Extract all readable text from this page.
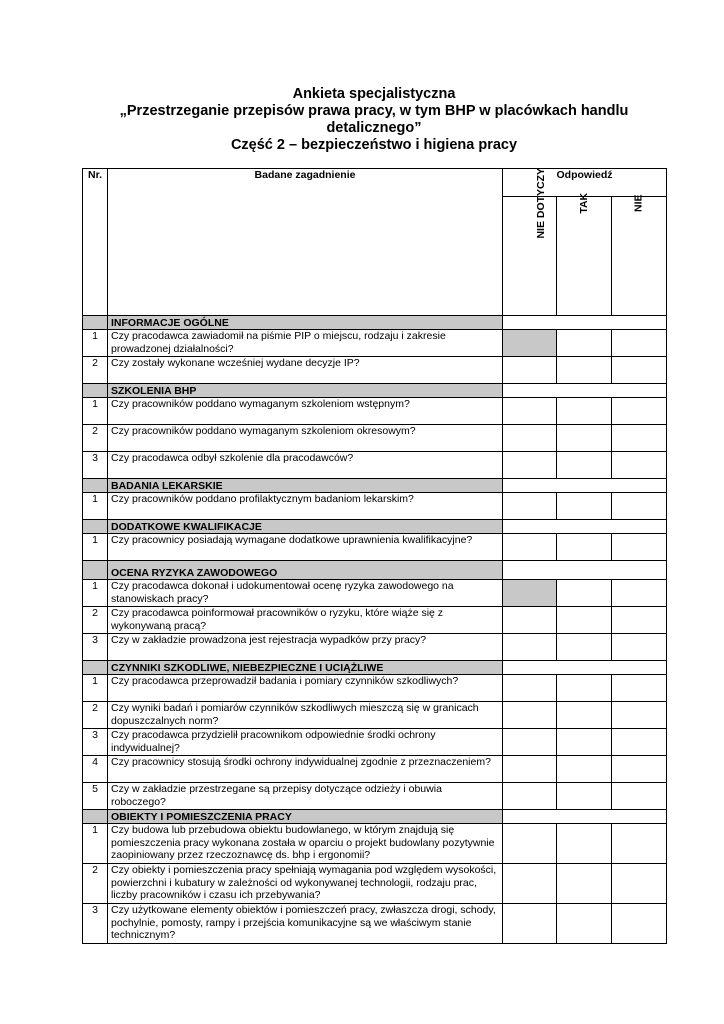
Ankieta specjalistyczna
„Przestrzeganie przepisów prawa pracy, w tym BHP w placówkach handlu
detalicznego”
Część 2 – bezpieczeństwo i higiena pracy
Nr.	Badane zagadnienie	Odpowiedź		
		NIE DOTYCZY	TAK	NIE
	INFORMACJE OGÓLNE			
1	Czy pracodawca zawiadomił na piśmie PIP o miejscu, rodzaju i zakresie prowadzonej działalności?			
2	Czy zostały wykonane wcześniej wydane decyzje IP?			
	SZKOLENIA BHP			
1	Czy pracowników poddano wymaganym szkoleniom wstępnym?			
2	Czy pracowników poddano wymaganym szkoleniom okresowym?			
3	Czy pracodawca odbył szkolenie dla pracodawców?			
	BADANIA LEKARSKIE			
1	Czy pracowników poddano profilaktycznym badaniom lekarskim?			
	DODATKOWE KWALIFIKACJE			
1	Czy pracownicy posiadają wymagane dodatkowe uprawnienia kwalifikacyjne?			
	OCENA RYZYKA ZAWODOWEGO			
1	Czy pracodawca dokonał i udokumentował ocenę ryzyka zawodowego na stanowiskach pracy?			
2	Czy pracodawca poinformował pracowników o ryzyku, które wiąże się z wykonywaną pracą?			
3	Czy w zakładzie prowadzona jest rejestracja wypadków przy pracy?			
	CZYNNIKI SZKODLIWE, NIEBEZPIECZNE I UCIĄŻLIWE			
1	Czy pracodawca przeprowadził badania i pomiary czynników szkodliwych?			
2	Czy wyniki badań i pomiarów czynników szkodliwych mieszczą się w granicach dopuszczalnych norm?			
3	Czy pracodawca przydzielił pracownikom odpowiednie środki ochrony indywidualnej?			
4	Czy pracownicy stosują środki ochrony indywidualnej zgodnie z przeznaczeniem?			
5	Czy w zakładzie przestrzegane są przepisy dotyczące odzieży i obuwia roboczego?			
	OBIEKTY I POMIESZCZENIA PRACY			
1	Czy budowa lub przebudowa obiektu budowlanego, w którym znajdują się pomieszczenia pracy wykonana została w oparciu o projekt budowlany pozytywnie zaopiniowany przez rzeczoznawcę ds. bhp i ergonomii?			
2	Czy obiekty i pomieszczenia pracy spełniają wymagania pod względem wysokości, powierzchni i kubatury w zależności od wykonywanej technologii, rodzaju prac, liczby pracowników i czasu ich przebywania?			
3	Czy użytkowane elementy obiektów i pomieszczeń pracy, zwłaszcza drogi, schody, pochylnie, pomosty, rampy i przejścia komunikacyjne są we właściwym stanie technicznym?			
